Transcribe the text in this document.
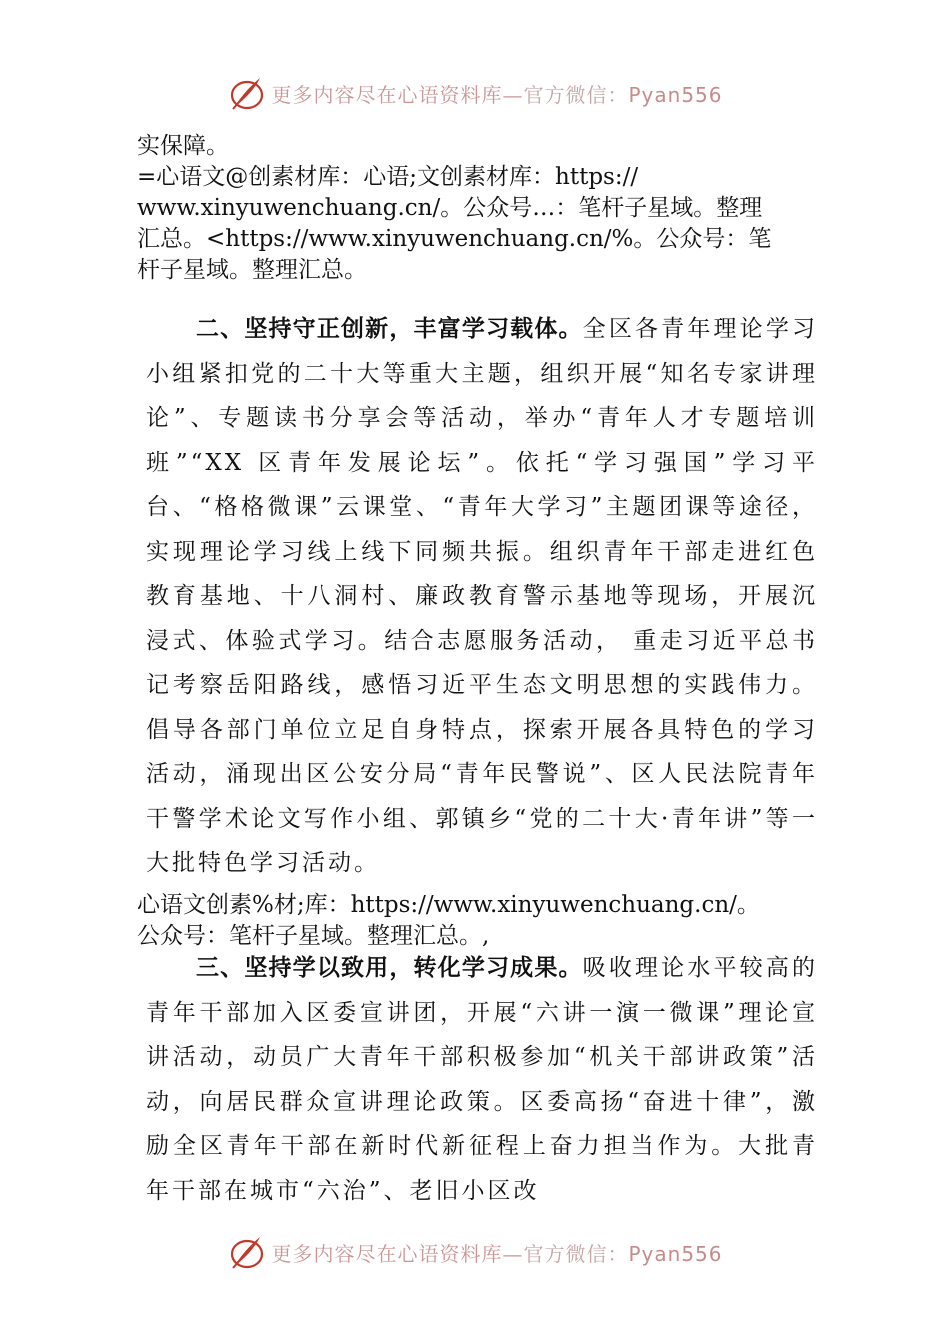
更多内容尽在心语资料库—官方微信：Pyan556
实保障。
=心语文@创素材库：心语;文创素材库：https://
www.xinyuwenchuang.cn/。公众号…：笔杆子星域。整理
汇总。<https://www.xinyuwenchuang.cn/%。公众号：笔
杆子星域。整理汇总。
二、坚持守正创新，丰富学习载体。全区各青年理论学习小组紧扣党的二十大等重大主题，组织开展“知名专家讲理论”、专题读书分享会等活动，举办“青年人才专题培训班”“XX 区青年发展论坛”。依托“学习强国”学习平台、“格格微课”云课堂、“青年大学习”主题团课等途径，实现理论学习线上线下同频共振。组织青年干部走进红色教育基地、十八洞村、廉政教育警示基地等现场，开展沉浸式、体验式学习。结合志愿服务活动， 重走习近平总书记考察岳阳路线，感悟习近平生态文明思想的实践伟力。倡导各部门单位立足自身特点，探索开展各具特色的学习活动，涌现出区公安分局“青年民警说”、区人民法院青年干警学术论文写作小组、郭镇乡“党的二十大·青年讲”等一大批特色学习活动。
心语文创素%材;库：https://www.xinyuwenchuang.cn/。
公众号：笔杆子星域。整理汇总。,
三、坚持学以致用，转化学习成果。吸收理论水平较高的青年干部加入区委宣讲团，开展“六讲一演一微课”理论宣讲活动，动员广大青年干部积极参加“机关干部讲政策”活动，向居民群众宣讲理论政策。区委高扬“奋进十律”，激励全区青年干部在新时代新征程上奋力担当作为。大批青年干部在城市“六治”、老旧小区改
更多内容尽在心语资料库—官方微信：Pyan556
